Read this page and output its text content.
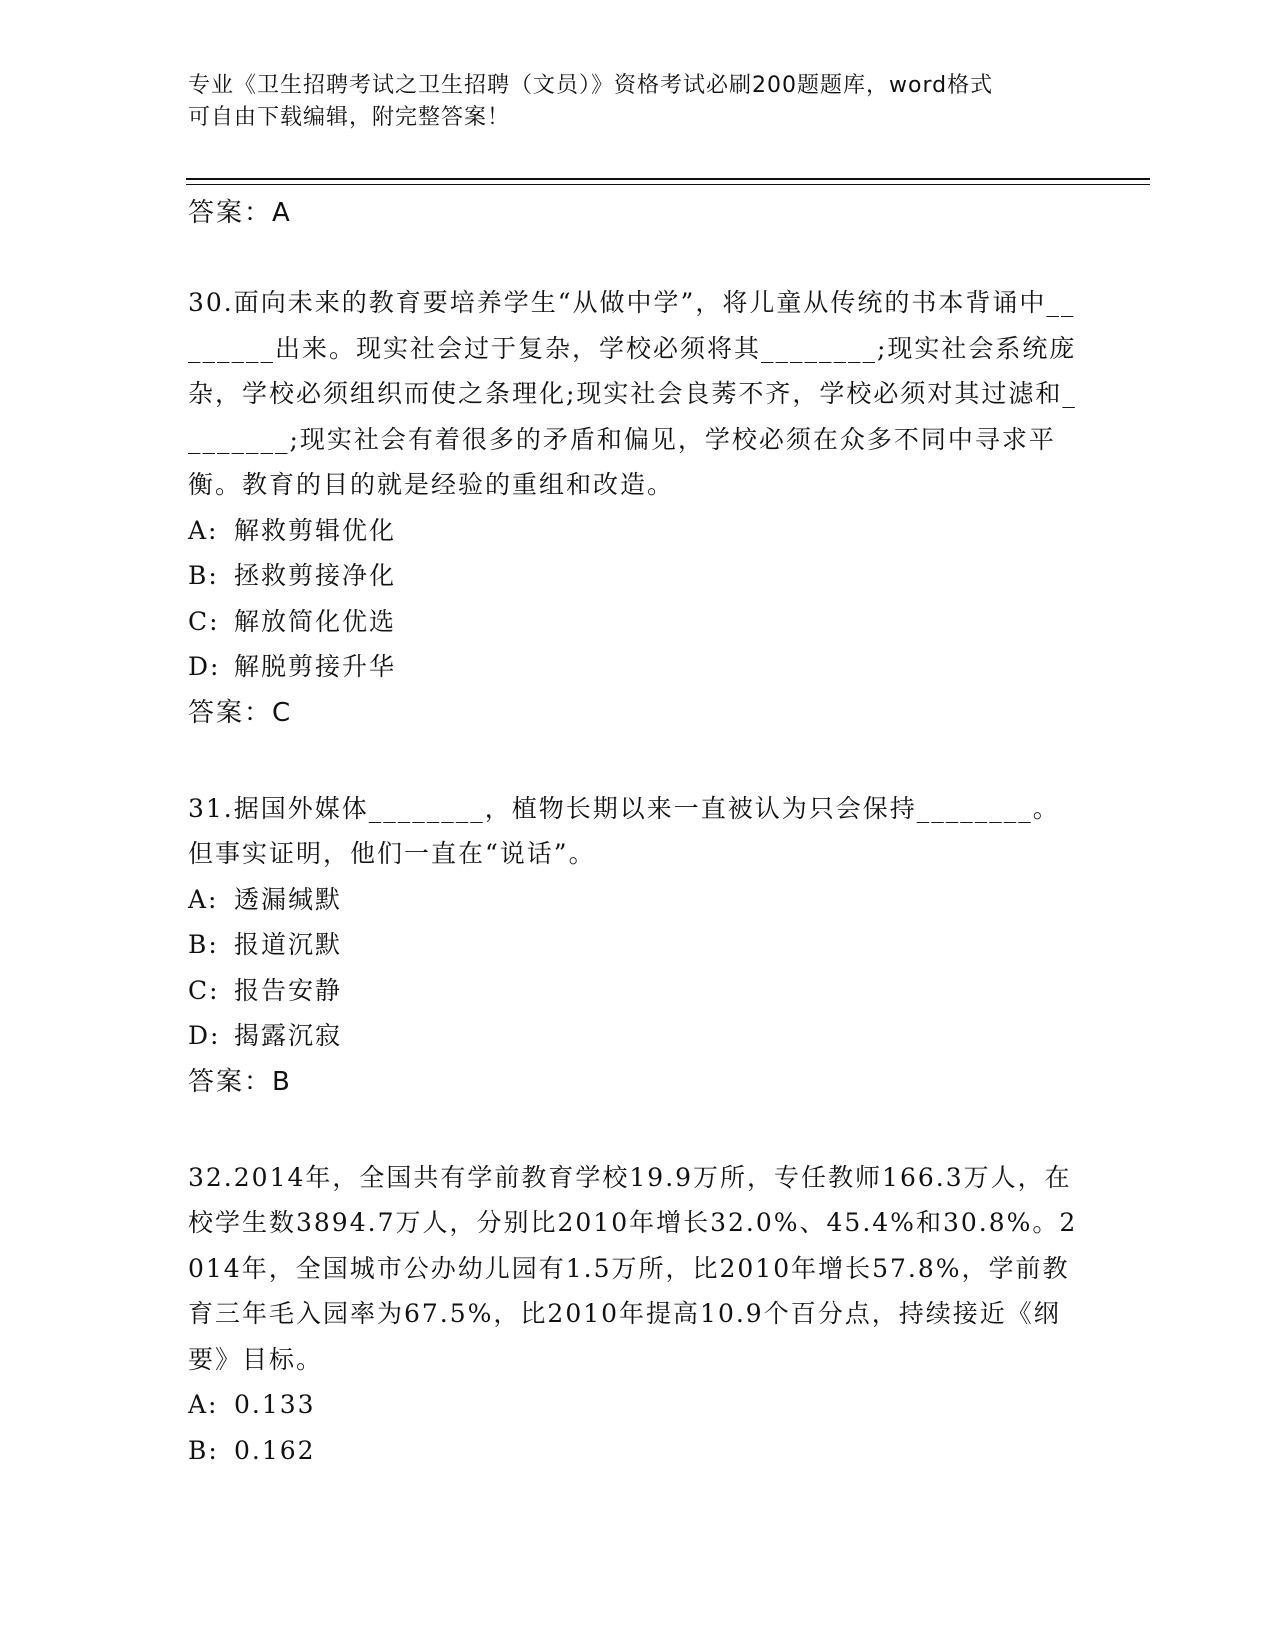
专业《卫生招聘考试之卫生招聘（文员）》资格考试必刷200题题库，word格式
可自由下载编辑，附完整答案！
答案：A

30.面向未来的教育要培养学生“从做中学”，将儿童从传统的书本背诵中________出来。现实社会过于复杂，学校必须将其________;现实社会系统庞杂，学校必须组织而使之条理化;现实社会良莠不齐，学校必须对其过滤和________;现实社会有着很多的矛盾和偏见，学校必须在众多不同中寻求平衡。教育的目的就是经验的重组和改造。

A: 解救剪辑优化
B: 拯救剪接净化
C: 解放简化优选
D: 解脱剪接升华
答案：C

31.据国外媒体________，植物长期以来一直被认为只会保持________。但事实证明，他们一直在“说话”。

A: 透漏缄默
B: 报道沉默
C: 报告安静
D: 揭露沉寂
答案：B

32.2014年，全国共有学前教育学校19.9万所，专任教师166.3万人，在校学生数3894.7万人，分别比2010年增长32.0%、45.4%和30.8%。2014年，全国城市公办幼儿园有1.5万所，比2010年增长57.8%，学前教育三年毛入园率为67.5%，比2010年提高10.9个百分点，持续接近《纲要》目标。

A: 0.133
B: 0.162
